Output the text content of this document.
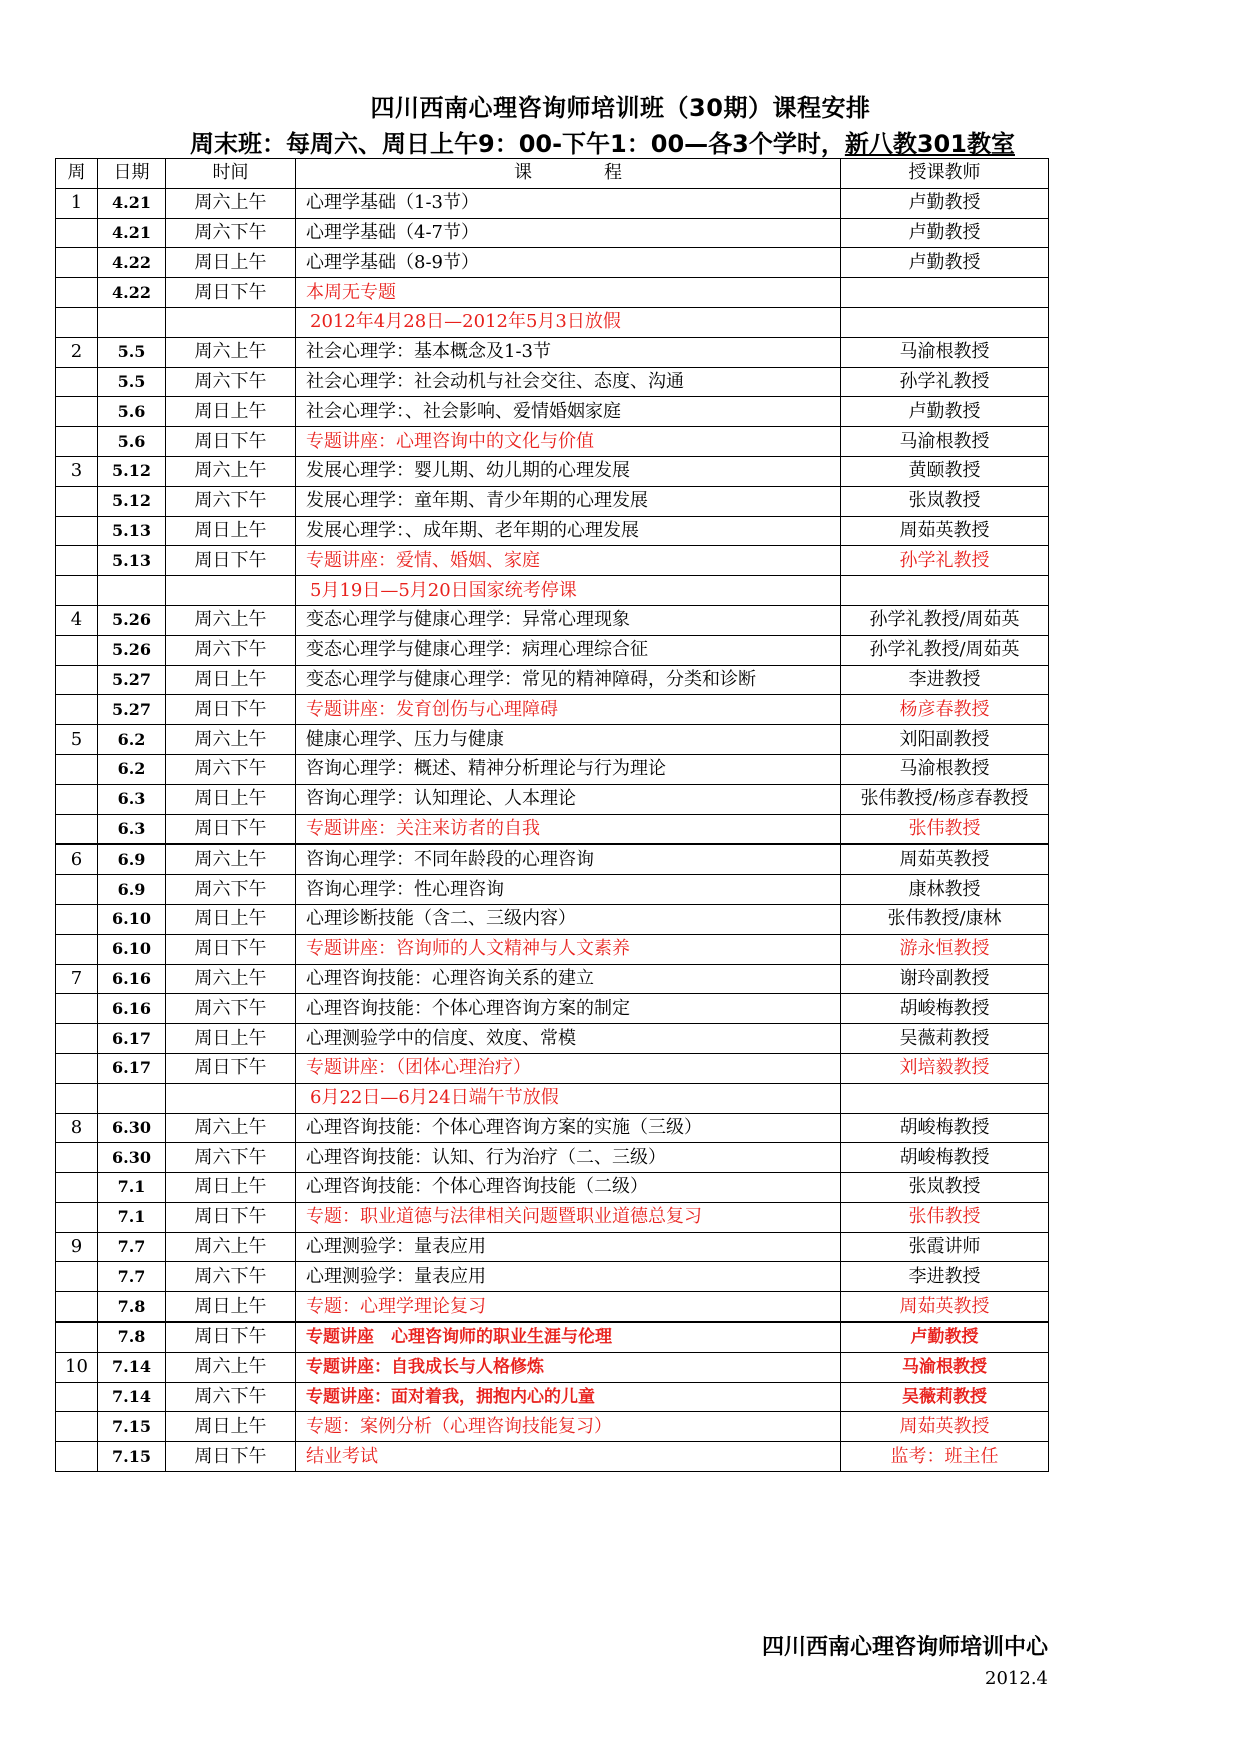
四川西南心理咨询师培训班（30期）课程安排
周末班：每周六、周日上午9：00-下午1：00—各3个学时，新八教301教室
周	日期	时间	课　　　　程	授课教师
1	4.21	周六上午	心理学基础（1-3节）	卢勤教授
	4.21	周六下午	心理学基础（4-7节）	卢勤教授
	4.22	周日上午	心理学基础（8-9节）	卢勤教授
	4.22	周日下午	本周无专题	
			2012年4月28日—2012年5月3日放假	
2	5.5	周六上午	社会心理学：基本概念及1-3节	马渝根教授
	5.5	周六下午	社会心理学：社会动机与社会交往、态度、沟通	孙学礼教授
	5.6	周日上午	社会心理学：、社会影响、爱情婚姻家庭	卢勤教授
	5.6	周日下午	专题讲座：心理咨询中的文化与价值	马渝根教授
3	5.12	周六上午	发展心理学：婴儿期、幼儿期的心理发展	黄颐教授
	5.12	周六下午	发展心理学：童年期、青少年期的心理发展	张岚教授
	5.13	周日上午	发展心理学：、成年期、老年期的心理发展	周茹英教授
	5.13	周日下午	专题讲座：爱情、婚姻、家庭	孙学礼教授
			5月19日—5月20日国家统考停课	
4	5.26	周六上午	变态心理学与健康心理学：异常心理现象	孙学礼教授/周茹英
	5.26	周六下午	变态心理学与健康心理学：病理心理综合征	孙学礼教授/周茹英
	5.27	周日上午	变态心理学与健康心理学：常见的精神障碍，分类和诊断	李进教授
	5.27	周日下午	专题讲座：发育创伤与心理障碍	杨彦春教授
5	6.2	周六上午	健康心理学、压力与健康	刘阳副教授
	6.2	周六下午	咨询心理学：概述、精神分析理论与行为理论	马渝根教授
	6.3	周日上午	咨询心理学：认知理论、人本理论	张伟教授/杨彦春教授
	6.3	周日下午	专题讲座：关注来访者的自我	张伟教授
6	6.9	周六上午	咨询心理学：不同年龄段的心理咨询	周茹英教授
	6.9	周六下午	咨询心理学：性心理咨询	康林教授
	6.10	周日上午	心理诊断技能（含二、三级内容）	张伟教授/康林
	6.10	周日下午	专题讲座：咨询师的人文精神与人文素养	游永恒教授
7	6.16	周六上午	心理咨询技能：心理咨询关系的建立	谢玲副教授
	6.16	周六下午	心理咨询技能：个体心理咨询方案的制定	胡峻梅教授
	6.17	周日上午	心理测验学中的信度、效度、常模	吴薇莉教授
	6.17	周日下午	专题讲座：（团体心理治疗）	刘培毅教授
			6月22日—6月24日端午节放假	
8	6.30	周六上午	心理咨询技能：个体心理咨询方案的实施（三级）	胡峻梅教授
	6.30	周六下午	心理咨询技能：认知、行为治疗（二、三级）	胡峻梅教授
	7.1	周日上午	心理咨询技能：个体心理咨询技能（二级）	张岚教授
	7.1	周日下午	专题：职业道德与法律相关问题暨职业道德总复习	张伟教授
9	7.7	周六上午	心理测验学：量表应用	张霞讲师
	7.7	周六下午	心理测验学：量表应用	李进教授
	7.8	周日上午	专题：心理学理论复习	周茹英教授
	7.8	周日下午	专题讲座　心理咨询师的职业生涯与伦理	卢勤教授
10	7.14	周六上午	专题讲座：自我成长与人格修炼	马渝根教授
	7.14	周六下午	专题讲座：面对着我，拥抱内心的儿童	吴薇莉教授
	7.15	周日上午	专题：案例分析（心理咨询技能复习）	周茹英教授
	7.15	周日下午	结业考试	监考：班主任
四川西南心理咨询师培训中心
2012.4
